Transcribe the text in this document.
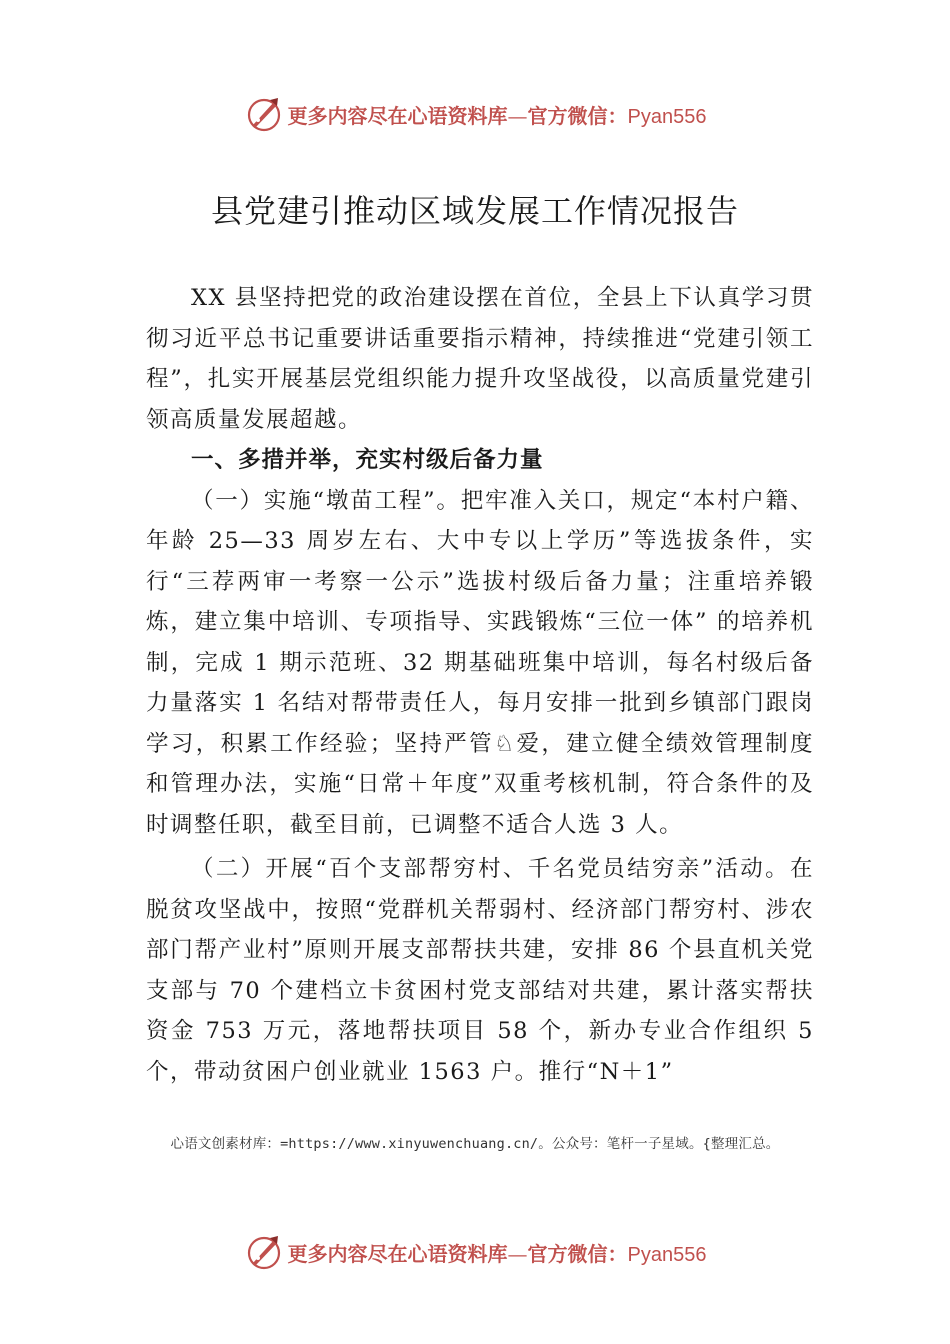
更多内容尽在心语资料库—官方微信：Pyan556
县党建引推动区域发展工作情况报告

XX 县坚持把党的政治建设摆在首位，全县上下认真学习贯彻习近平总书记重要讲话重要指示精神，持续推进“党建引领工程”，扎实开展基层党组织能力提升攻坚战役，以高质量党建引领高质量发展超越。

一、多措并举，充实村级后备力量

（一）实施“墩苗工程”。把牢准入关口，规定“本村户籍、年龄 25—33 周岁左右、大中专以上学历”等选拔条件，实行“三荐两审一考察一公示”选拔村级后备力量；注重培养锻炼，建立集中培训、专项指导、实践锻炼“三位一体” 的培养机制，完成 1 期示范班、32 期基础班集中培训，每名村级后备力量落实 1 名结对帮带责任人，每月安排一批到乡镇部门跟岗学习，积累工作经验；坚持严管♘爱，建立健全绩效管理制度和管理办法，实施“日常＋年度”双重考核机制，符合条件的及时调整任职，截至目前，已调整不适合人选 3 人。

（二）开展“百个支部帮穷村、千名党员结穷亲”活动。在脱贫攻坚战中，按照“党群机关帮弱村、经济部门帮穷村、涉农部门帮产业村”原则开展支部帮扶共建，安排 86 个县直机关党支部与 70 个建档立卡贫困村党支部结对共建，累计落实帮扶资金 753 万元，落地帮扶项目 58 个，新办专业合作组织 5 个，带动贫困户创业就业 1563 户。推行“N＋1”

心语文创素材库：=https://www.xinyuwenchuang.cn/。公众号：笔杆一子星域。{整理汇总。
更多内容尽在心语资料库—官方微信：Pyan556
